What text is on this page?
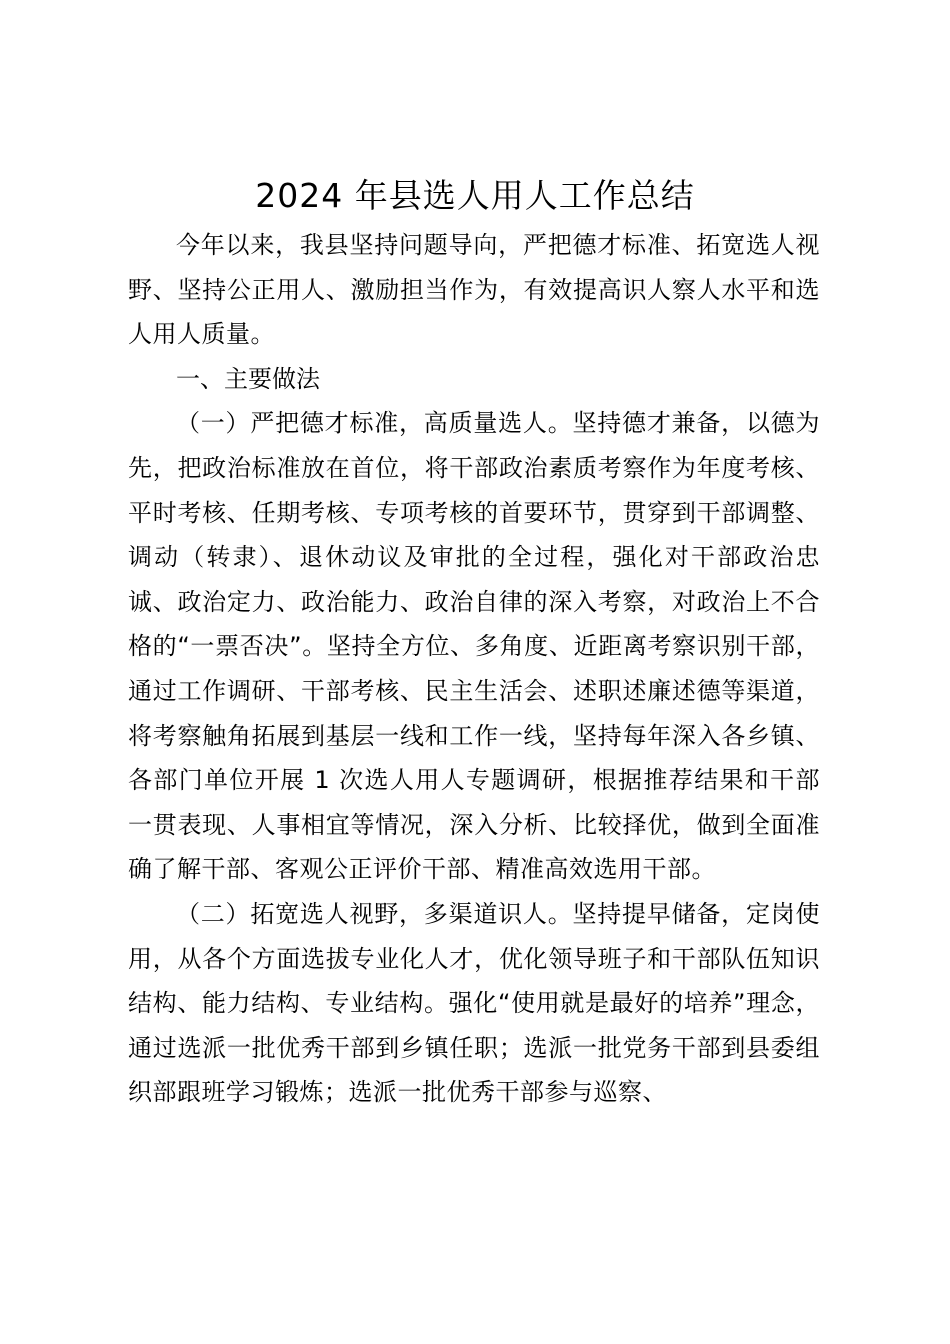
2024 年县选人用人工作总结

今年以来，我县坚持问题导向，严把德才标准、拓宽选人视野、坚持公正用人、激励担当作为，有效提高识人察人水平和选人用人质量。

一、主要做法

（一）严把德才标准，高质量选人。坚持德才兼备，以德为先，把政治标准放在首位，将干部政治素质考察作为年度考核、平时考核、任期考核、专项考核的首要环节，贯穿到干部调整、调动（转隶）、退休动议及审批的全过程，强化对干部政治忠诚、政治定力、政治能力、政治自律的深入考察，对政治上不合格的“一票否决”。坚持全方位、多角度、近距离考察识别干部，通过工作调研、干部考核、民主生活会、述职述廉述德等渠道，将考察触角拓展到基层一线和工作一线，坚持每年深入各乡镇、各部门单位开展 1 次选人用人专题调研，根据推荐结果和干部一贯表现、人事相宜等情况，深入分析、比较择优，做到全面准确了解干部、客观公正评价干部、精准高效选用干部。

（二）拓宽选人视野，多渠道识人。坚持提早储备，定岗使用，从各个方面选拔专业化人才，优化领导班子和干部队伍知识结构、能力结构、专业结构。强化“使用就是最好的培养”理念，通过选派一批优秀干部到乡镇任职；选派一批党务干部到县委组织部跟班学习锻炼；选派一批优秀干部参与巡察、
